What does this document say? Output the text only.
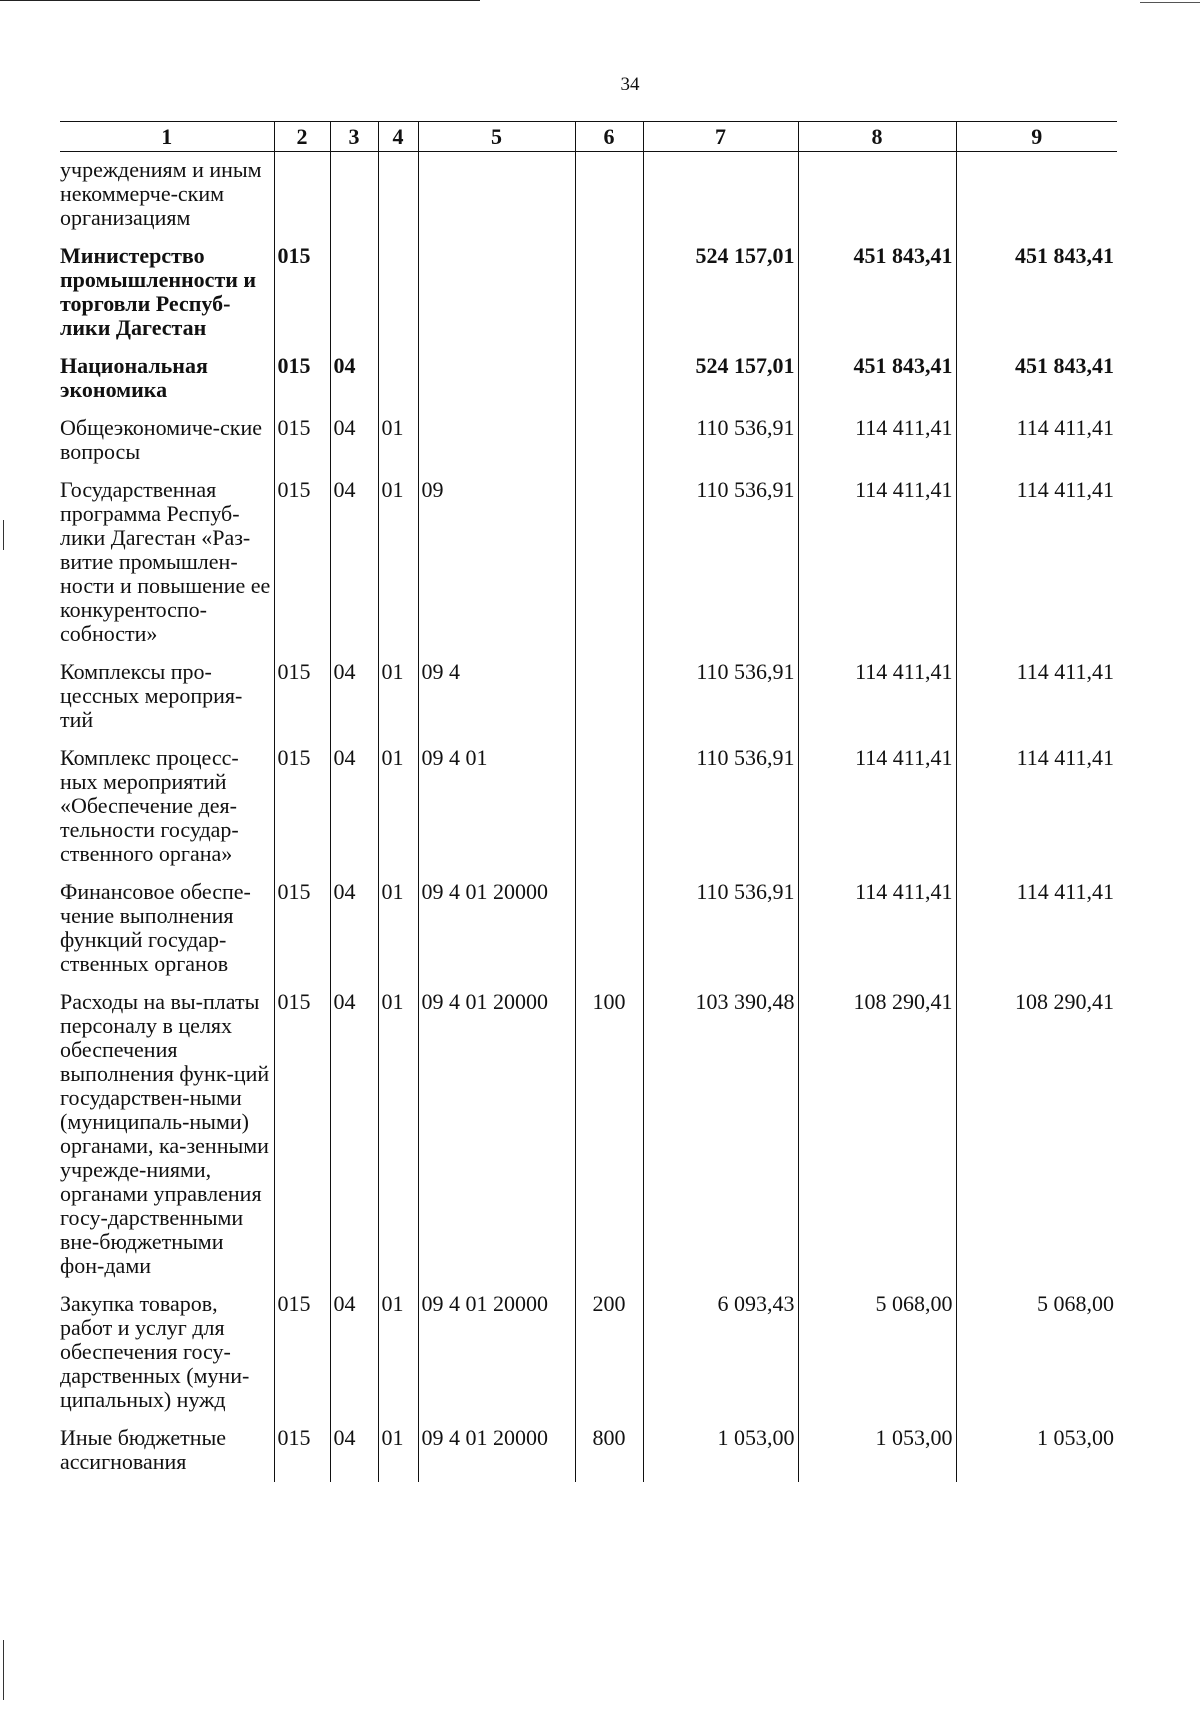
34
1	2	3	4	5	6	7	8	9
учреждениям и иным некоммерче-ским организациям								
Министерство промышленности и торговли Респуб-лики Дагестан	015					524 157,01	451 843,41	451 843,41
Национальная экономика	015	04				524 157,01	451 843,41	451 843,41
Общеэкономиче-ские вопросы	015	04	01			110 536,91	114 411,41	114 411,41
Государственная программа Респуб-лики Дагестан «Раз-витие промышлен-ности и повышение ее конкурентоспо-собности»	015	04	01	09		110 536,91	114 411,41	114 411,41
Комплексы про-цессных мероприя-тий	015	04	01	09 4		110 536,91	114 411,41	114 411,41
Комплекс процесс-ных мероприятий «Обеспечение дея-тельности государ-ственного органа»	015	04	01	09 4 01		110 536,91	114 411,41	114 411,41
Финансовое обеспе-чение выполнения функций государ-ственных органов	015	04	01	09 4 01 20000		110 536,91	114 411,41	114 411,41
Расходы на вы-платы персоналу в целях обеспечения выполнения функ-ций государствен-ными (муниципаль-ными) органами, ка-зенными учрежде-ниями, органами управления госу-дарственными вне-бюджетными фон-дами	015	04	01	09 4 01 20000	100	103 390,48	108 290,41	108 290,41
Закупка товаров, работ и услуг для обеспечения госу-дарственных (муни-ципальных) нужд	015	04	01	09 4 01 20000	200	6 093,43	5 068,00	5 068,00
Иные бюджетные ассигнования	015	04	01	09 4 01 20000	800	1 053,00	1 053,00	1 053,00
